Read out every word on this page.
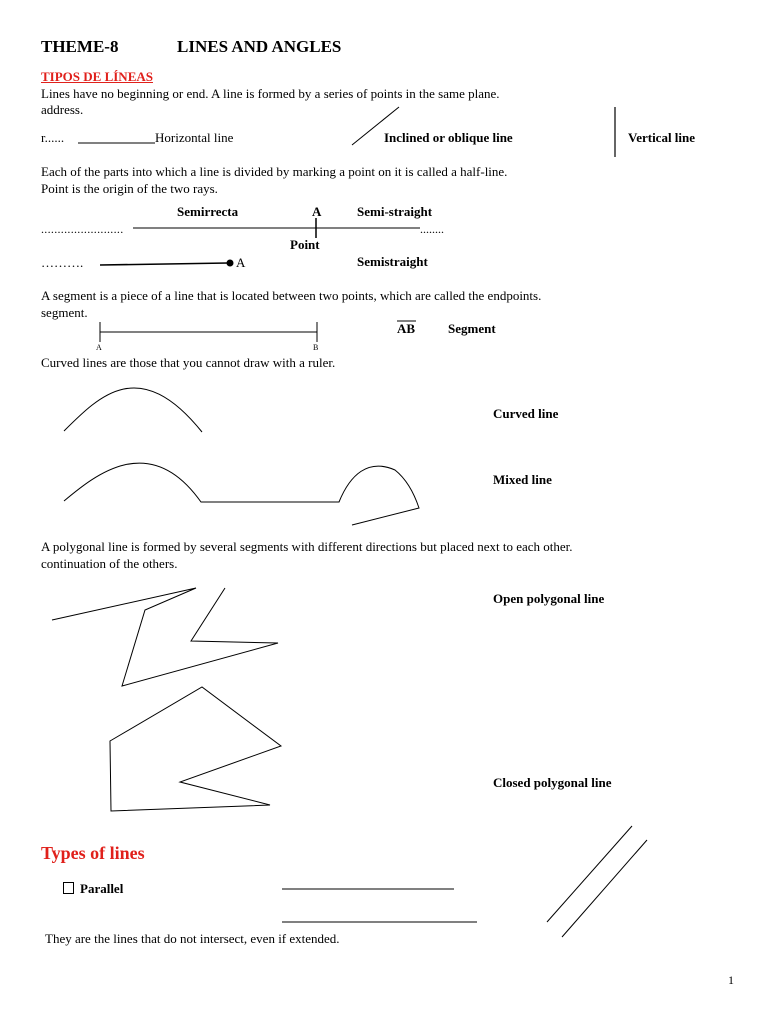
THEME-8	LINES AND ANGLES
TIPOS DE LÍNEAS
Lines have no beginning or end. A line is formed by a series of points in the same plane.
address.
r......	Horizontal line	Inclined or oblique line	Vertical line
Each of the parts into which a line is divided by marking a point on it is called a half-line.
Point is the origin of the two rays.
Semirrecta	A	Semi-straight
.........................	........
Point
……….	A	Semistraight
A segment is a piece of a line that is located between two points, which are called the endpoints.
segment.
A	B
AB	Segment
Curved lines are those that you cannot draw with a ruler.
Curved line
Mixed line
A polygonal line is formed by several segments with different directions but placed next to each other.
continuation of the others.
Open polygonal line
Closed polygonal line
Types of lines
Parallel
They are the lines that do not intersect, even if extended.
1
